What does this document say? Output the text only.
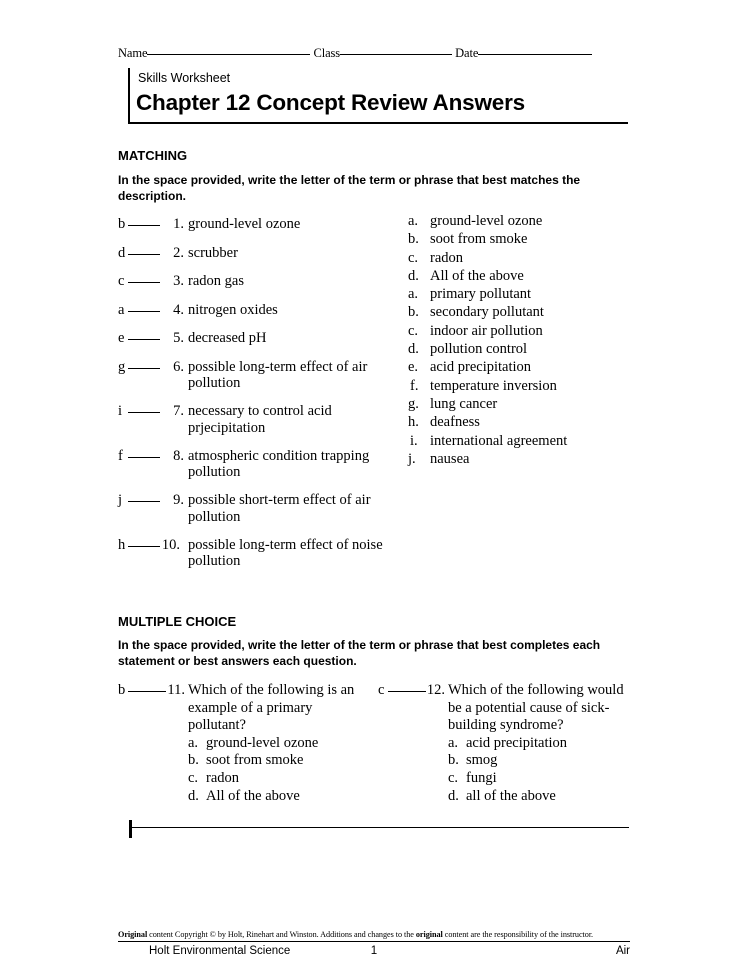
Name	Class	Date
Skills Worksheet
Chapter 12 Concept Review Answers
MATCHING
In the space provided, write the letter of the term or phrase that best matches the description.
b	1. ground-level ozone
d	2. scrubber
c	3. radon gas
a	4. nitrogen oxides
e	5. decreased pH
g	6. possible long-term effect of air pollution
i	7. necessary to control acid prjecipitation
f	8. atmospheric condition trapping pollution
j	9. possible short-term effect of air pollution
h	10. possible long-term effect of noise pollution
a. ground-level ozone
b. soot from smoke
c. radon
d. All of the above
a. primary pollutant
b. secondary pollutant
c. indoor air pollution
d. pollution control
e. acid precipitation
f. temperature inversion
g. lung cancer
h. deafness
i. international agreement
j. nausea
MULTIPLE CHOICE
In the space provided, write the letter of the term or phrase that best completes each statement or best answers each question.
b	11. Which of the following is an example of a primary pollutant?
a. ground-level ozone
b. soot from smoke
c. radon
d. All of the above
c	12. Which of the following would be a potential cause of sick-building syndrome?
a. acid precipitation
b. smog
c. fungi
d. all of the above
Original content Copyright © by Holt, Rinehart and Winston. Additions and changes to the original content are the responsibility of the instructor.
Holt Environmental Science	1	Air
